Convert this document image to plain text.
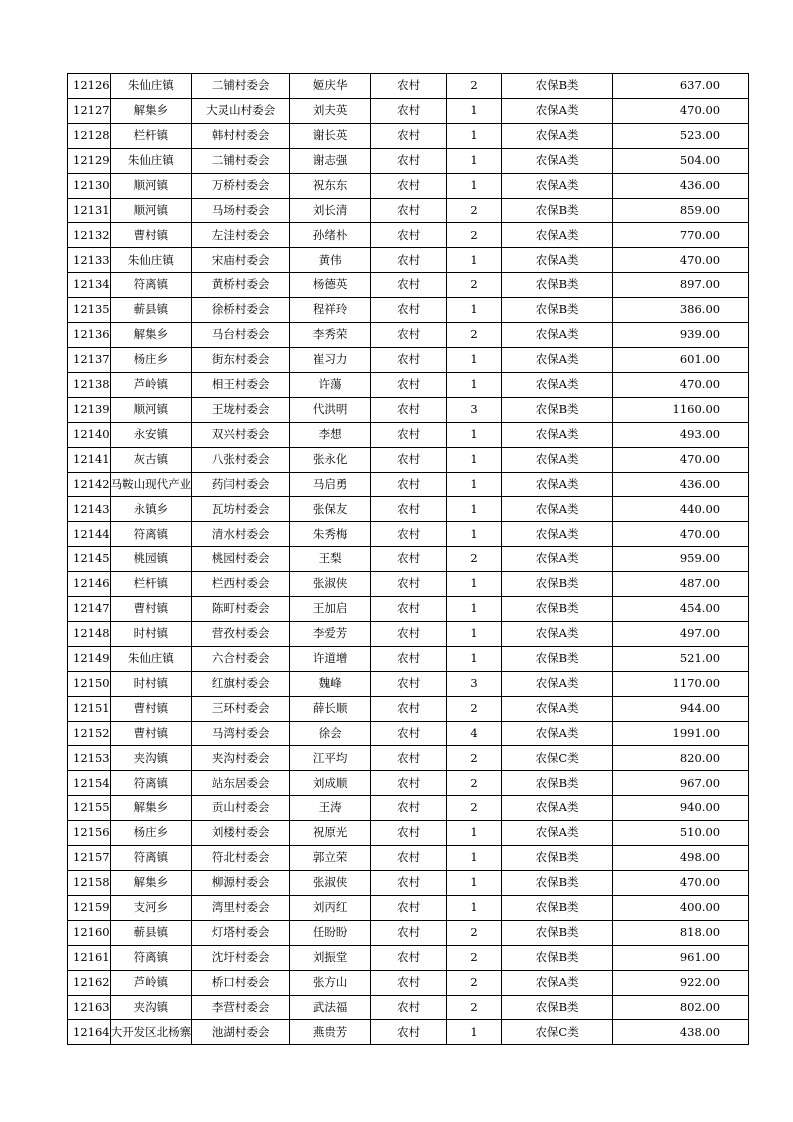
12126	朱仙庄镇	二铺村委会	姬庆华	农村	2	农保B类	637.00
12127	解集乡	大灵山村委会	刘夫英	农村	1	农保A类	470.00
12128	栏杆镇	韩村村委会	谢长英	农村	1	农保A类	523.00
12129	朱仙庄镇	二铺村委会	谢志强	农村	1	农保A类	504.00
12130	顺河镇	万桥村委会	祝东东	农村	1	农保A类	436.00
12131	顺河镇	马场村委会	刘长清	农村	2	农保B类	859.00
12132	曹村镇	左洼村委会	孙绪朴	农村	2	农保A类	770.00
12133	朱仙庄镇	宋庙村委会	黄伟	农村	1	农保A类	470.00
12134	符离镇	黄桥村委会	杨德英	农村	2	农保B类	897.00
12135	蕲县镇	徐桥村委会	程祥玲	农村	1	农保B类	386.00
12136	解集乡	马台村委会	李秀荣	农村	2	农保A类	939.00
12137	杨庄乡	街东村委会	崔习力	农村	1	农保A类	601.00
12138	芦岭镇	相王村委会	许蕩	农村	1	农保A类	470.00
12139	顺河镇	王垅村委会	代洪明	农村	3	农保B类	1160.00
12140	永安镇	双兴村委会	李想	农村	1	农保A类	493.00
12141	灰古镇	八张村委会	张永化	农村	1	农保A类	470.00
12142	马鞍山现代产业	药闫村委会	马启勇	农村	1	农保A类	436.00
12143	永镇乡	瓦坊村委会	张保友	农村	1	农保A类	440.00
12144	符离镇	清水村委会	朱秀梅	农村	1	农保A类	470.00
12145	桃园镇	桃园村委会	王梨	农村	2	农保A类	959.00
12146	栏杆镇	栏西村委会	张淑侠	农村	1	农保B类	487.00
12147	曹村镇	陈町村委会	王加启	农村	1	农保B类	454.00
12148	时村镇	营孜村委会	李爱芳	农村	1	农保A类	497.00
12149	朱仙庄镇	六合村委会	许道增	农村	1	农保B类	521.00
12150	时村镇	红旗村委会	魏峰	农村	3	农保A类	1170.00
12151	曹村镇	三环村委会	薛长顺	农村	2	农保A类	944.00
12152	曹村镇	马湾村委会	徐会	农村	4	农保A类	1991.00
12153	夹沟镇	夹沟村委会	江平均	农村	2	农保C类	820.00
12154	符离镇	站东居委会	刘成顺	农村	2	农保B类	967.00
12155	解集乡	贡山村委会	王涛	农村	2	农保A类	940.00
12156	杨庄乡	刘楼村委会	祝原光	农村	1	农保A类	510.00
12157	符离镇	符北村委会	郭立荣	农村	1	农保B类	498.00
12158	解集乡	柳源村委会	张淑侠	农村	1	农保B类	470.00
12159	支河乡	湾里村委会	刘丙红	农村	1	农保B类	400.00
12160	蕲县镇	灯塔村委会	任盼盼	农村	2	农保B类	818.00
12161	符离镇	沈圩村委会	刘振堂	农村	2	农保B类	961.00
12162	芦岭镇	桥口村委会	张方山	农村	2	农保A类	922.00
12163	夹沟镇	李营村委会	武法福	农村	2	农保B类	802.00
12164	大开发区北杨寨	池湖村委会	燕贵芳	农村	1	农保C类	438.00
